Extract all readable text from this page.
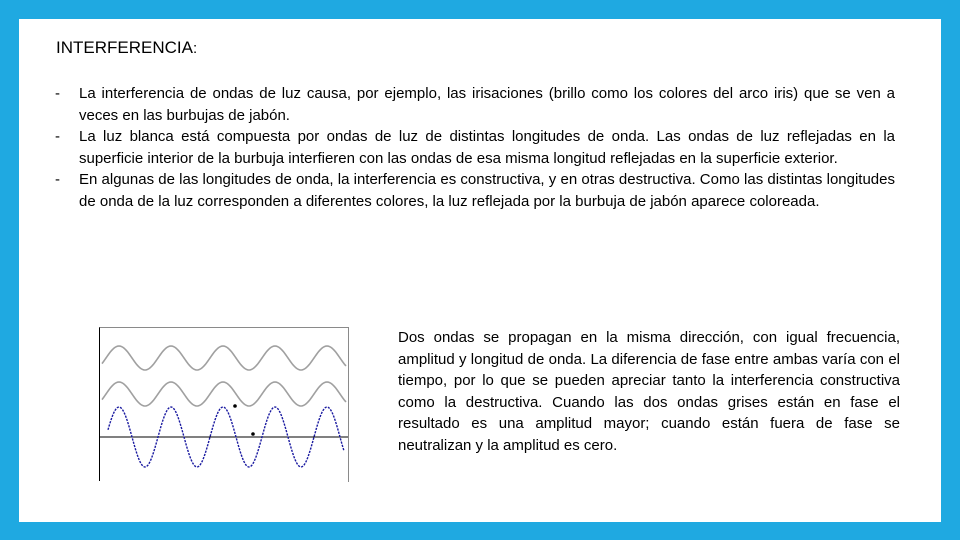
INTERFERENCIA:
- La interferencia de ondas de luz causa, por ejemplo, las irisaciones (brillo como los colores del arco iris) que se ven a veces en las burbujas de jabón.
- La luz blanca está compuesta por ondas de luz de distintas longitudes de onda. Las ondas de luz reflejadas en la superficie interior de la burbuja interfieren con las ondas de esa misma longitud reflejadas en la superficie exterior.
- En algunas de las longitudes de onda, la interferencia es constructiva, y en otras destructiva. Como las distintas longitudes de onda de la luz corresponden a diferentes colores, la luz reflejada por la burbuja de jabón aparece coloreada.

Dos ondas se propagan en la misma dirección, con igual frecuencia, amplitud y longitud de onda. La diferencia de fase entre ambas varía con el tiempo, por lo que se pueden apreciar tanto la interferencia constructiva como la destructiva. Cuando las dos ondas grises están en fase el resultado es una amplitud mayor; cuando están fuera de fase se neutralizan y la amplitud es cero.
